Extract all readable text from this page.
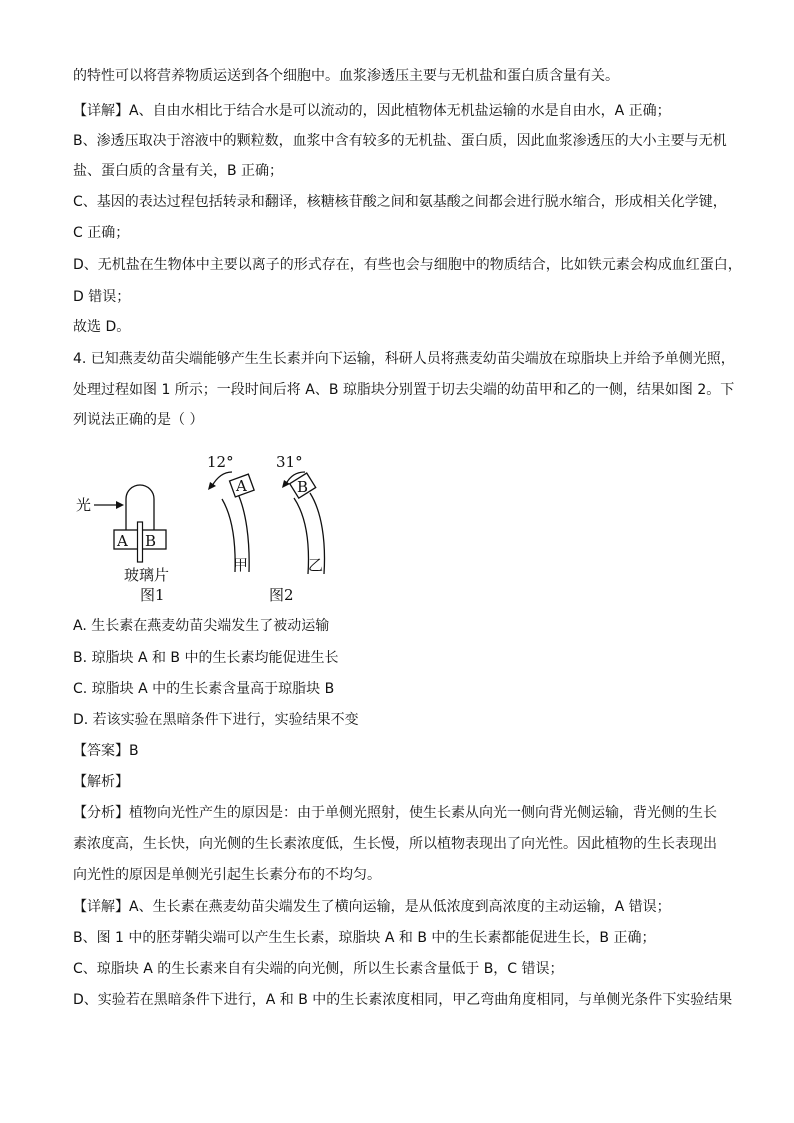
的特性可以将营养物质运送到各个细胞中。血浆渗透压主要与无机盐和蛋白质含量有关。
【详解】A、自由水相比于结合水是可以流动的，因此植物体无机盐运输的水是自由水，A 正确；
B、渗透压取决于溶液中的颗粒数，血浆中含有较多的无机盐、蛋白质，因此血浆渗透压的大小主要与无机
盐、蛋白质的含量有关，B 正确；
C、基因的表达过程包括转录和翻译，核糖核苷酸之间和氨基酸之间都会进行脱水缩合，形成相关化学键，
C 正确；
D、无机盐在生物体中主要以离子的形式存在，有些也会与细胞中的物质结合，比如铁元素会构成血红蛋白，
D 错误；
故选 D。
4. 已知燕麦幼苗尖端能够产生生长素并向下运输，科研人员将燕麦幼苗尖端放在琼脂块上并给予单侧光照，
处理过程如图 1 所示；一段时间后将 A、B 琼脂块分别置于切去尖端的幼苗甲和乙的一侧，结果如图 2。下
列说法正确的是（ ）
光
A B
玻璃片
图1
12°	31°
A
甲
B
乙
图2
A. 生长素在燕麦幼苗尖端发生了被动运输
B. 琼脂块 A 和 B 中的生长素均能促进生长
C. 琼脂块 A 中的生长素含量高于琼脂块 B
D. 若该实验在黑暗条件下进行，实验结果不变
【答案】B
【解析】
【分析】植物向光性产生的原因是：由于单侧光照射，使生长素从向光一侧向背光侧运输，背光侧的生长
素浓度高，生长快，向光侧的生长素浓度低，生长慢，所以植物表现出了向光性。因此植物的生长表现出
向光性的原因是单侧光引起生长素分布的不均匀。
【详解】A、生长素在燕麦幼苗尖端发生了横向运输，是从低浓度到高浓度的主动运输，A 错误；
B、图 1 中的胚芽鞘尖端可以产生生长素，琼脂块 A 和 B 中的生长素都能促进生长，B 正确；
C、琼脂块 A 的生长素来自有尖端的向光侧，所以生长素含量低于 B，C 错误；
D、实验若在黑暗条件下进行，A 和 B 中的生长素浓度相同，甲乙弯曲角度相同，与单侧光条件下实验结果
